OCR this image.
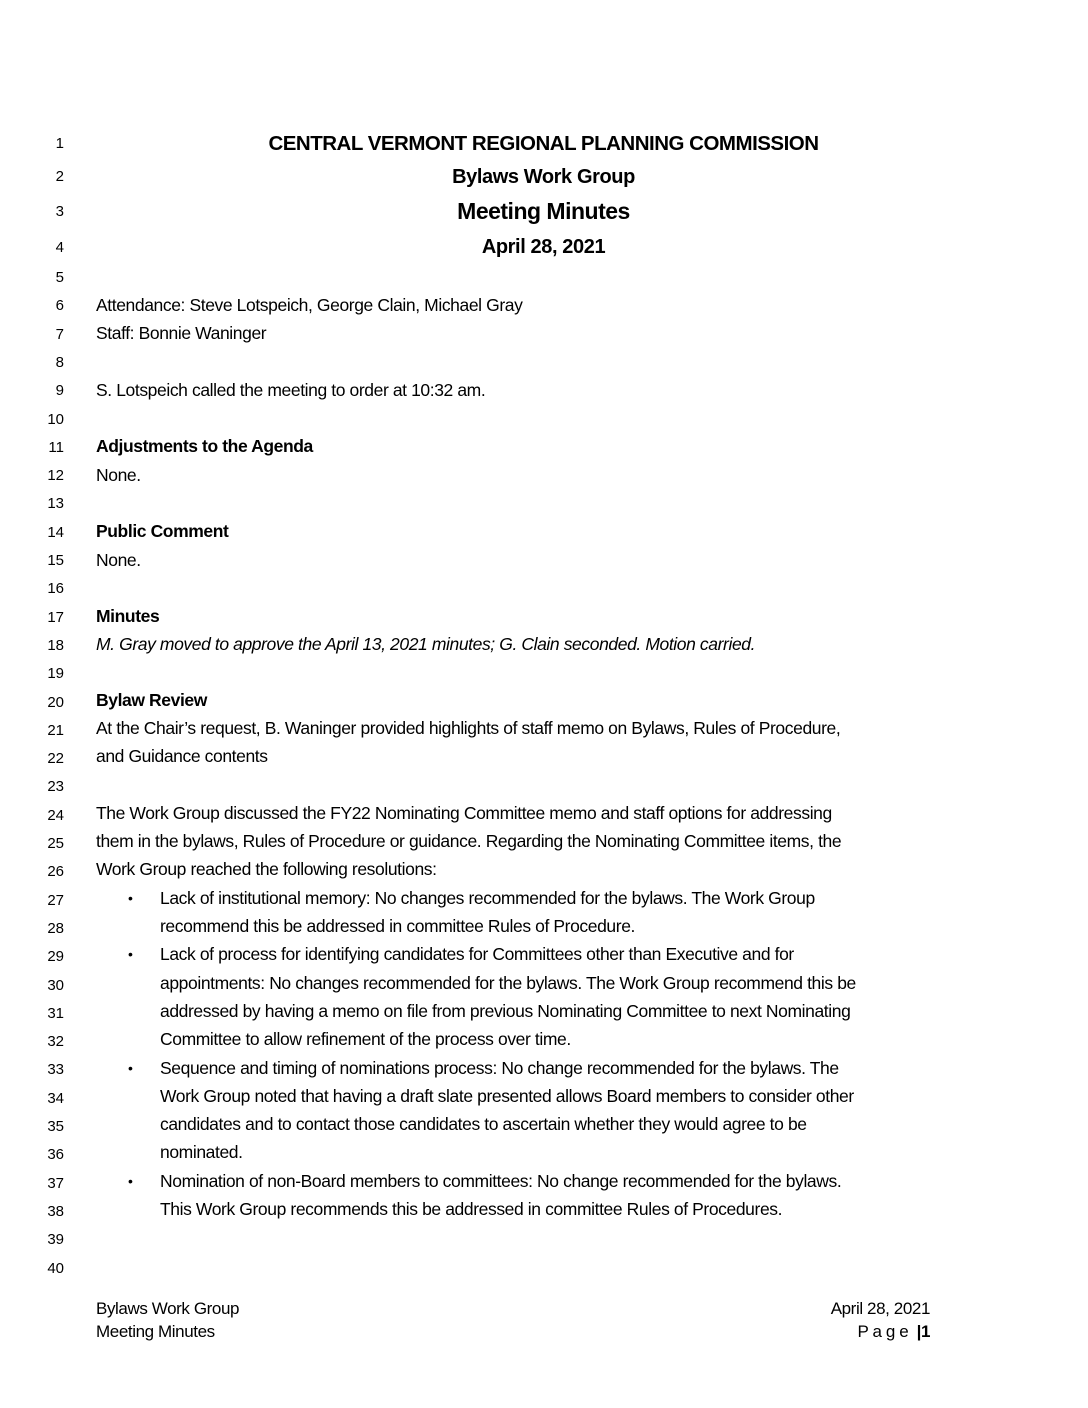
1
2
3
4
5
6
7
8
9
10
11
12
13
14
15
16
17
18
19
20
21
22
23
24
25
26
27
28
29
30
31
32
33
34
35
36
37
38
39
40
CENTRAL VERMONT REGIONAL PLANNING COMMISSION
Bylaws Work Group
Meeting Minutes
April 28, 2021
Attendance: Steve Lotspeich, George Clain, Michael Gray
Staff: Bonnie Waninger
S. Lotspeich called the meeting to order at 10:32 am.
Adjustments to the Agenda
None.
Public Comment
None.
Minutes
M. Gray moved to approve the April 13, 2021 minutes; G. Clain seconded. Motion carried.
Bylaw Review
At the Chair’s request, B. Waninger provided highlights of staff memo on Bylaws, Rules of Procedure,
and Guidance contents
The Work Group discussed the FY22 Nominating Committee memo and staff options for addressing
them in the bylaws, Rules of Procedure or guidance. Regarding the Nominating Committee items, the
Work Group reached the following resolutions:
• Lack of institutional memory: No changes recommended for the bylaws. The Work Group
recommend this be addressed in committee Rules of Procedure.
• Lack of process for identifying candidates for Committees other than Executive and for
appointments: No changes recommended for the bylaws. The Work Group recommend this be
addressed by having a memo on file from previous Nominating Committee to next Nominating
Committee to allow refinement of the process over time.
• Sequence and timing of nominations process: No change recommended for the bylaws. The
Work Group noted that having a draft slate presented allows Board members to consider other
candidates and to contact those candidates to ascertain whether they would agree to be
nominated.
• Nomination of non-Board members to committees: No change recommended for the bylaws.
This Work Group recommends this be addressed in committee Rules of Procedures.
Bylaws Work Group
Meeting Minutes
April 28, 2021
P a g e |1
